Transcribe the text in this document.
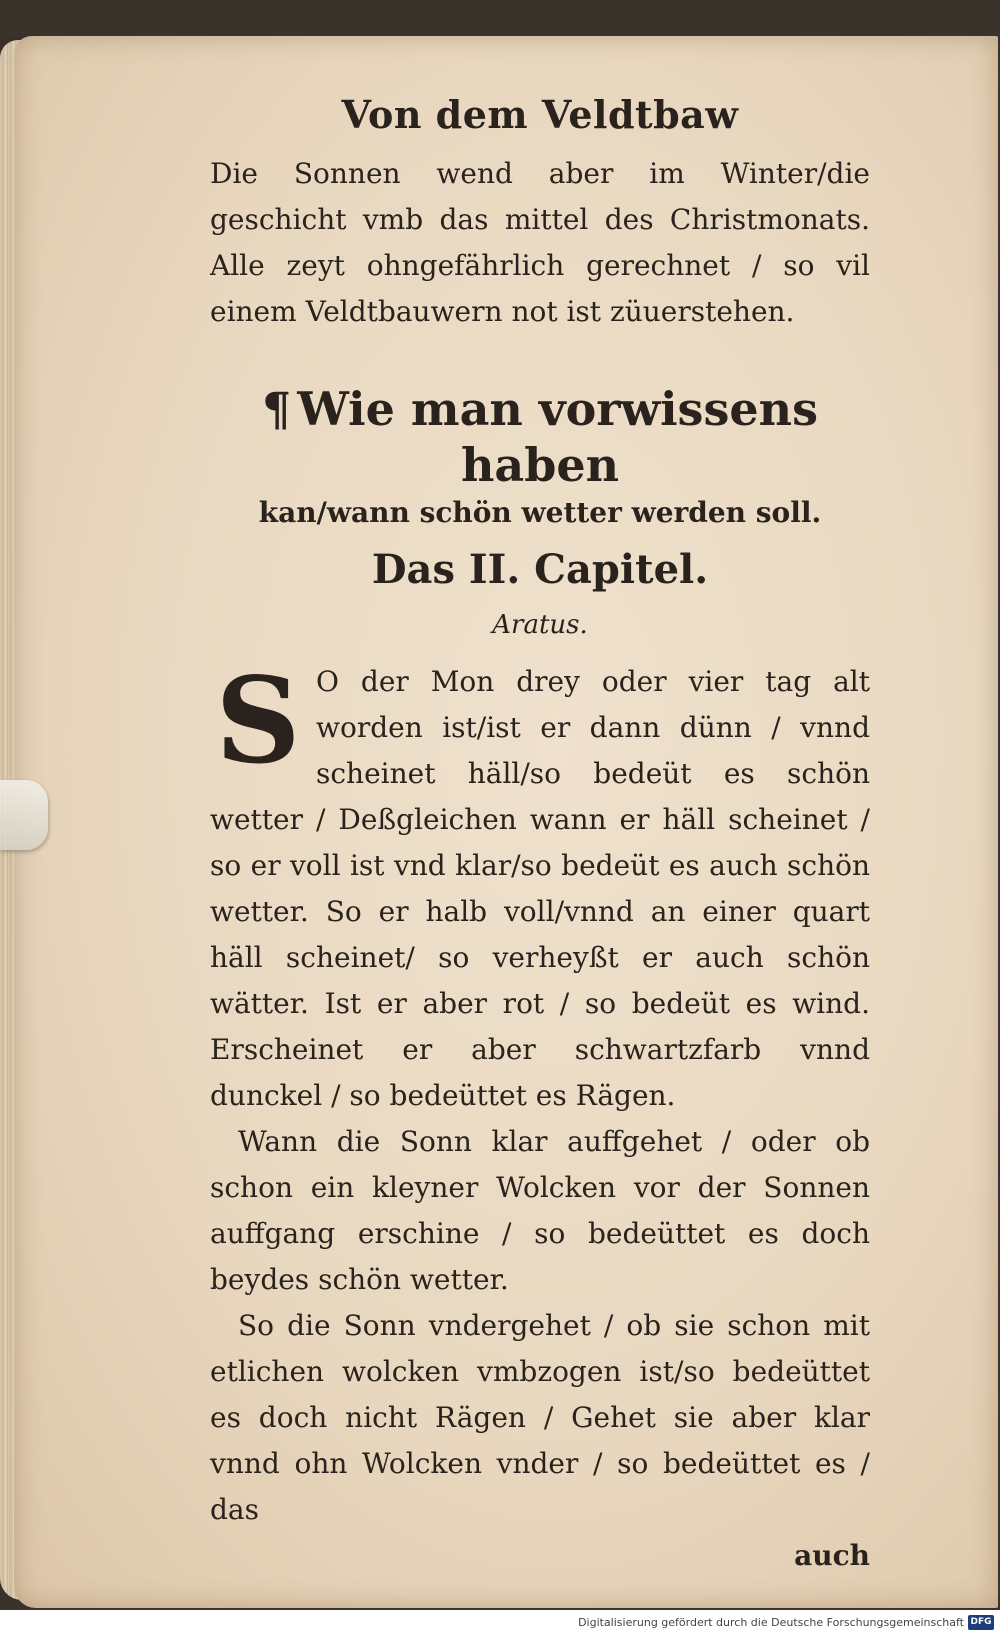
Von dem Veldtbaw

Die Sonnen wend aber im Winter/die geschicht vmb das mittel des Christmonats. Alle zeyt ohngefährlich gerechnet / so vil einem Veldtbauwern not ist züuerstehen.

¶ Wie man vorwissens haben

kan/wann schön wetter werden soll.

Das II. Capitel.

Aratus.

S O der Mon drey oder vier tag alt worden ist/ist er dann dünn / vnnd scheinet häll/so bedeüt es schön wetter / Deßgleichen wann er häll scheinet / so er voll ist vnd klar/so bedeüt es auch schön wetter. So er halb voll/vnnd an einer quart häll scheinet/ so verheyßt er auch schön wätter. Ist er aber rot / so bedeüt es wind. Erscheinet er aber schwartzfarb vnnd dunckel / so bedeüttet es Rägen.

Wann die Sonn klar auffgehet / oder ob schon ein kleyner Wolcken vor der Sonnen auffgang erschine / so bedeüttet es doch beydes schön wetter.

So die Sonn vndergehet / ob sie schon mit etlichen wolcken vmbzogen ist/so bedeüttet es doch nicht Rägen / Gehet sie aber klar vnnd ohn Wolcken vnder / so bedeüttet es / das

auch

Digitalisierung gefördert durch die Deutsche Forschungsgemeinschaft DFG
